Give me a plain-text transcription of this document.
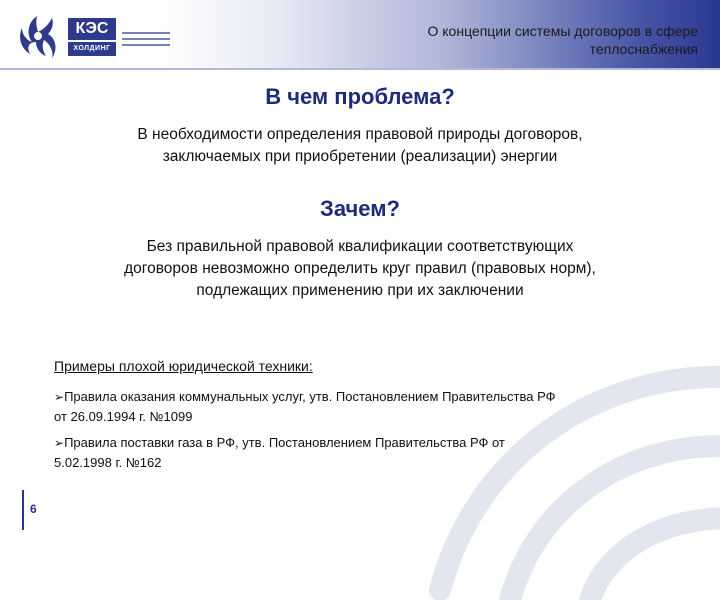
КЭС
ХОЛДИНГ
О концепции системы договоров в сфере
теплоснабжения
В чем проблема?
В необходимости определения правовой природы договоров,
заключаемых при приобретении (реализации) энергии
Зачем?
Без правильной правовой квалификации соответствующих
договоров невозможно определить круг правил (правовых норм),
подлежащих применению при их заключении

Примеры плохой юридической техники:

➢Правила оказания коммунальных услуг, утв. Постановлением Правительства РФ
от 26.09.1994 г. №1099
➢Правила поставки газа в РФ, утв. Постановлением Правительства РФ от
5.02.1998 г. №162
6
